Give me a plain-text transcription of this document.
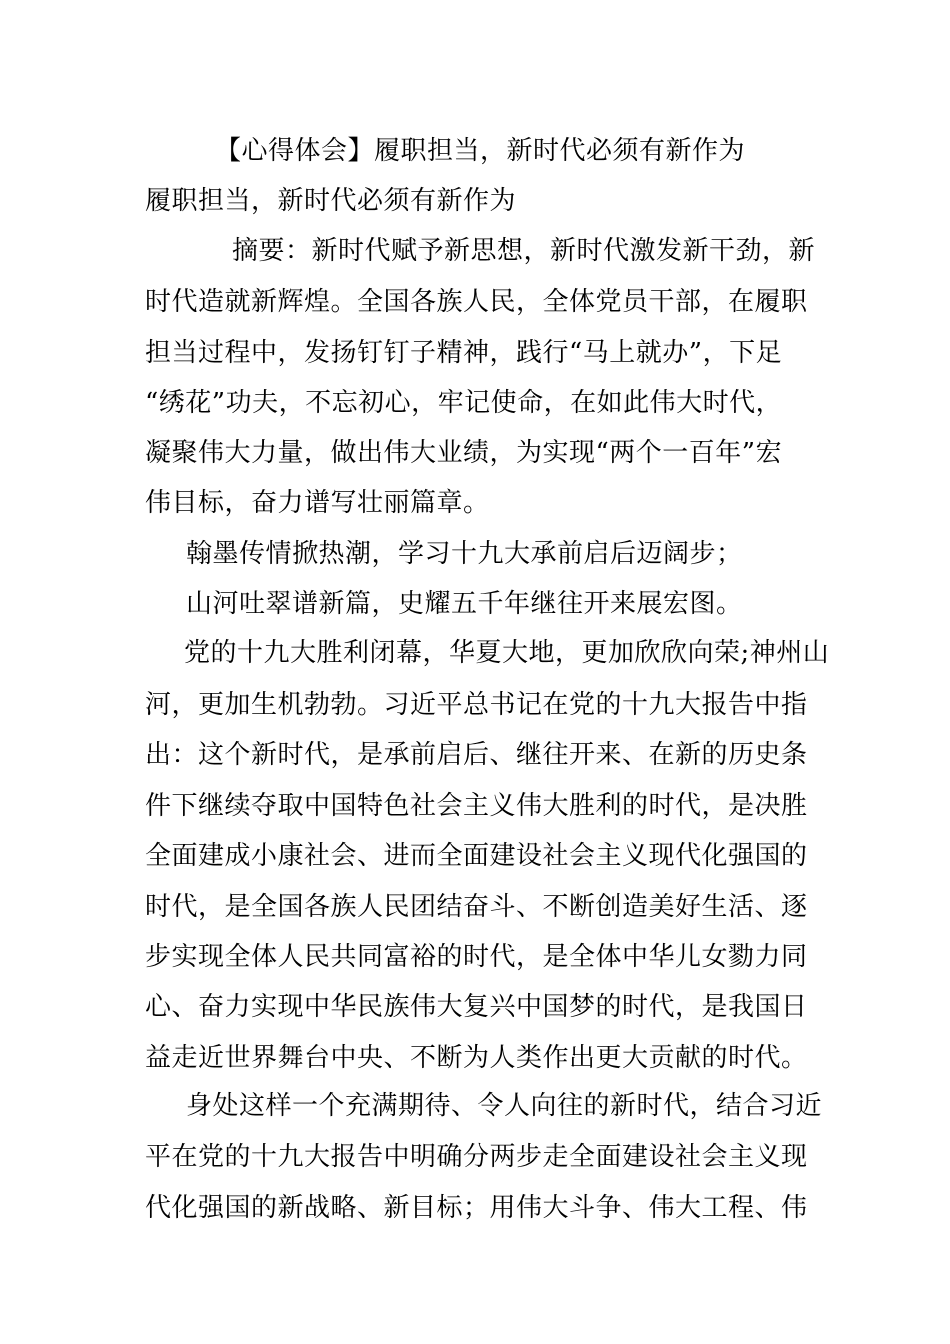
【心得体会】履职担当，新时代必须有新作为
履职担当，新时代必须有新作为
摘要：新时代赋予新思想，新时代激发新干劲，新
时代造就新辉煌。全国各族人民，全体党员干部，在履职
担当过程中，发扬钉钉子精神，践行“马上就办”，下足
“绣花”功夫，不忘初心，牢记使命，在如此伟大时代，
凝聚伟大力量，做出伟大业绩，为实现“两个一百年”宏
伟目标，奋力谱写壮丽篇章。
翰墨传情掀热潮，学习十九大承前启后迈阔步；
山河吐翠谱新篇，史耀五千年继往开来展宏图。
党的十九大胜利闭幕，华夏大地，更加欣欣向荣;神州山
河，更加生机勃勃。习近平总书记在党的十九大报告中指
出：这个新时代，是承前启后、继往开来、在新的历史条
件下继续夺取中国特色社会主义伟大胜利的时代，是决胜
全面建成小康社会、进而全面建设社会主义现代化强国的
时代，是全国各族人民团结奋斗、不断创造美好生活、逐
步实现全体人民共同富裕的时代，是全体中华儿女勠力同
心、奋力实现中华民族伟大复兴中国梦的时代，是我国日
益走近世界舞台中央、不断为人类作出更大贡献的时代。
身处这样一个充满期待、令人向往的新时代，结合习近
平在党的十九大报告中明确分两步走全面建设社会主义现
代化强国的新战略、新目标；用伟大斗争、伟大工程、伟
